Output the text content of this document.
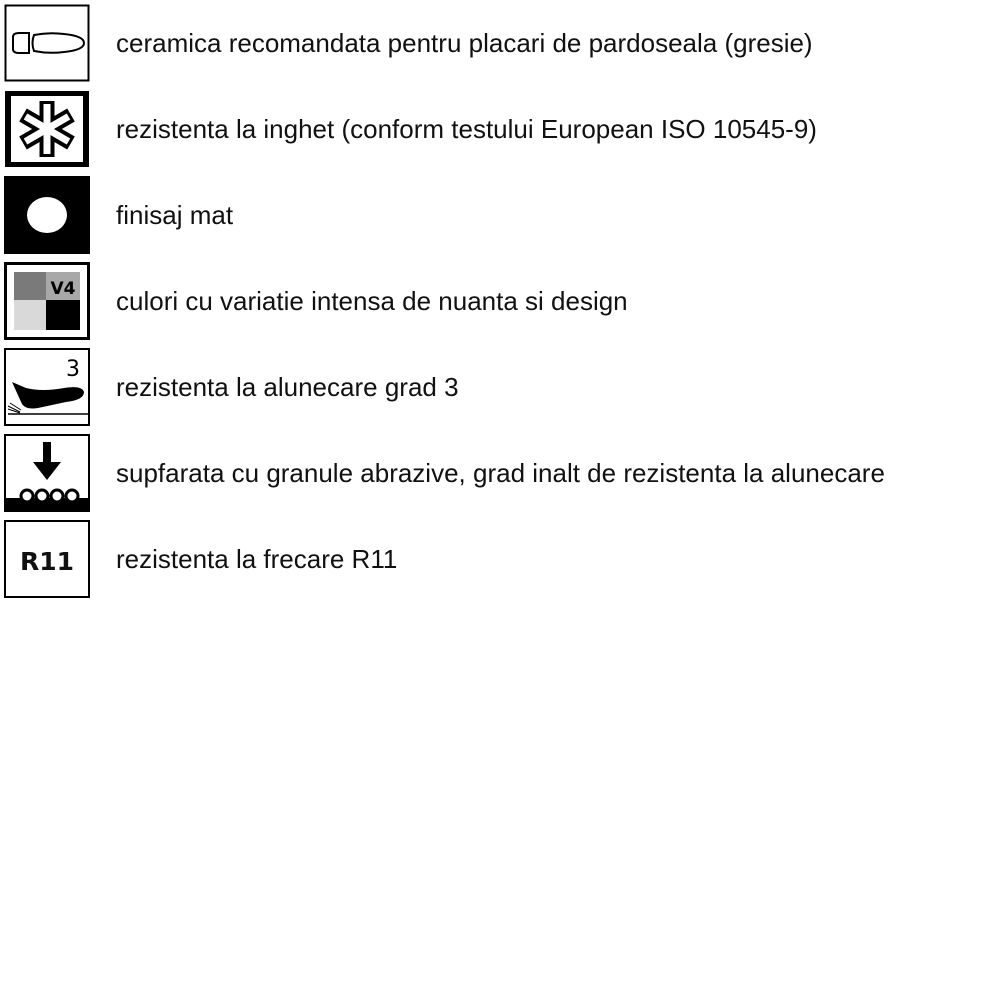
ceramica recomandata pentru placari de pardoseala (gresie)
rezistenta la inghet (conform testului European ISO 10545-9)
finisaj mat
V4 culori cu variatie intensa de nuanta si design
3
rezistenta la alunecare grad 3
supfarata cu granule abrazive, grad inalt de rezistenta la alunecare
R11 rezistenta la frecare R11
